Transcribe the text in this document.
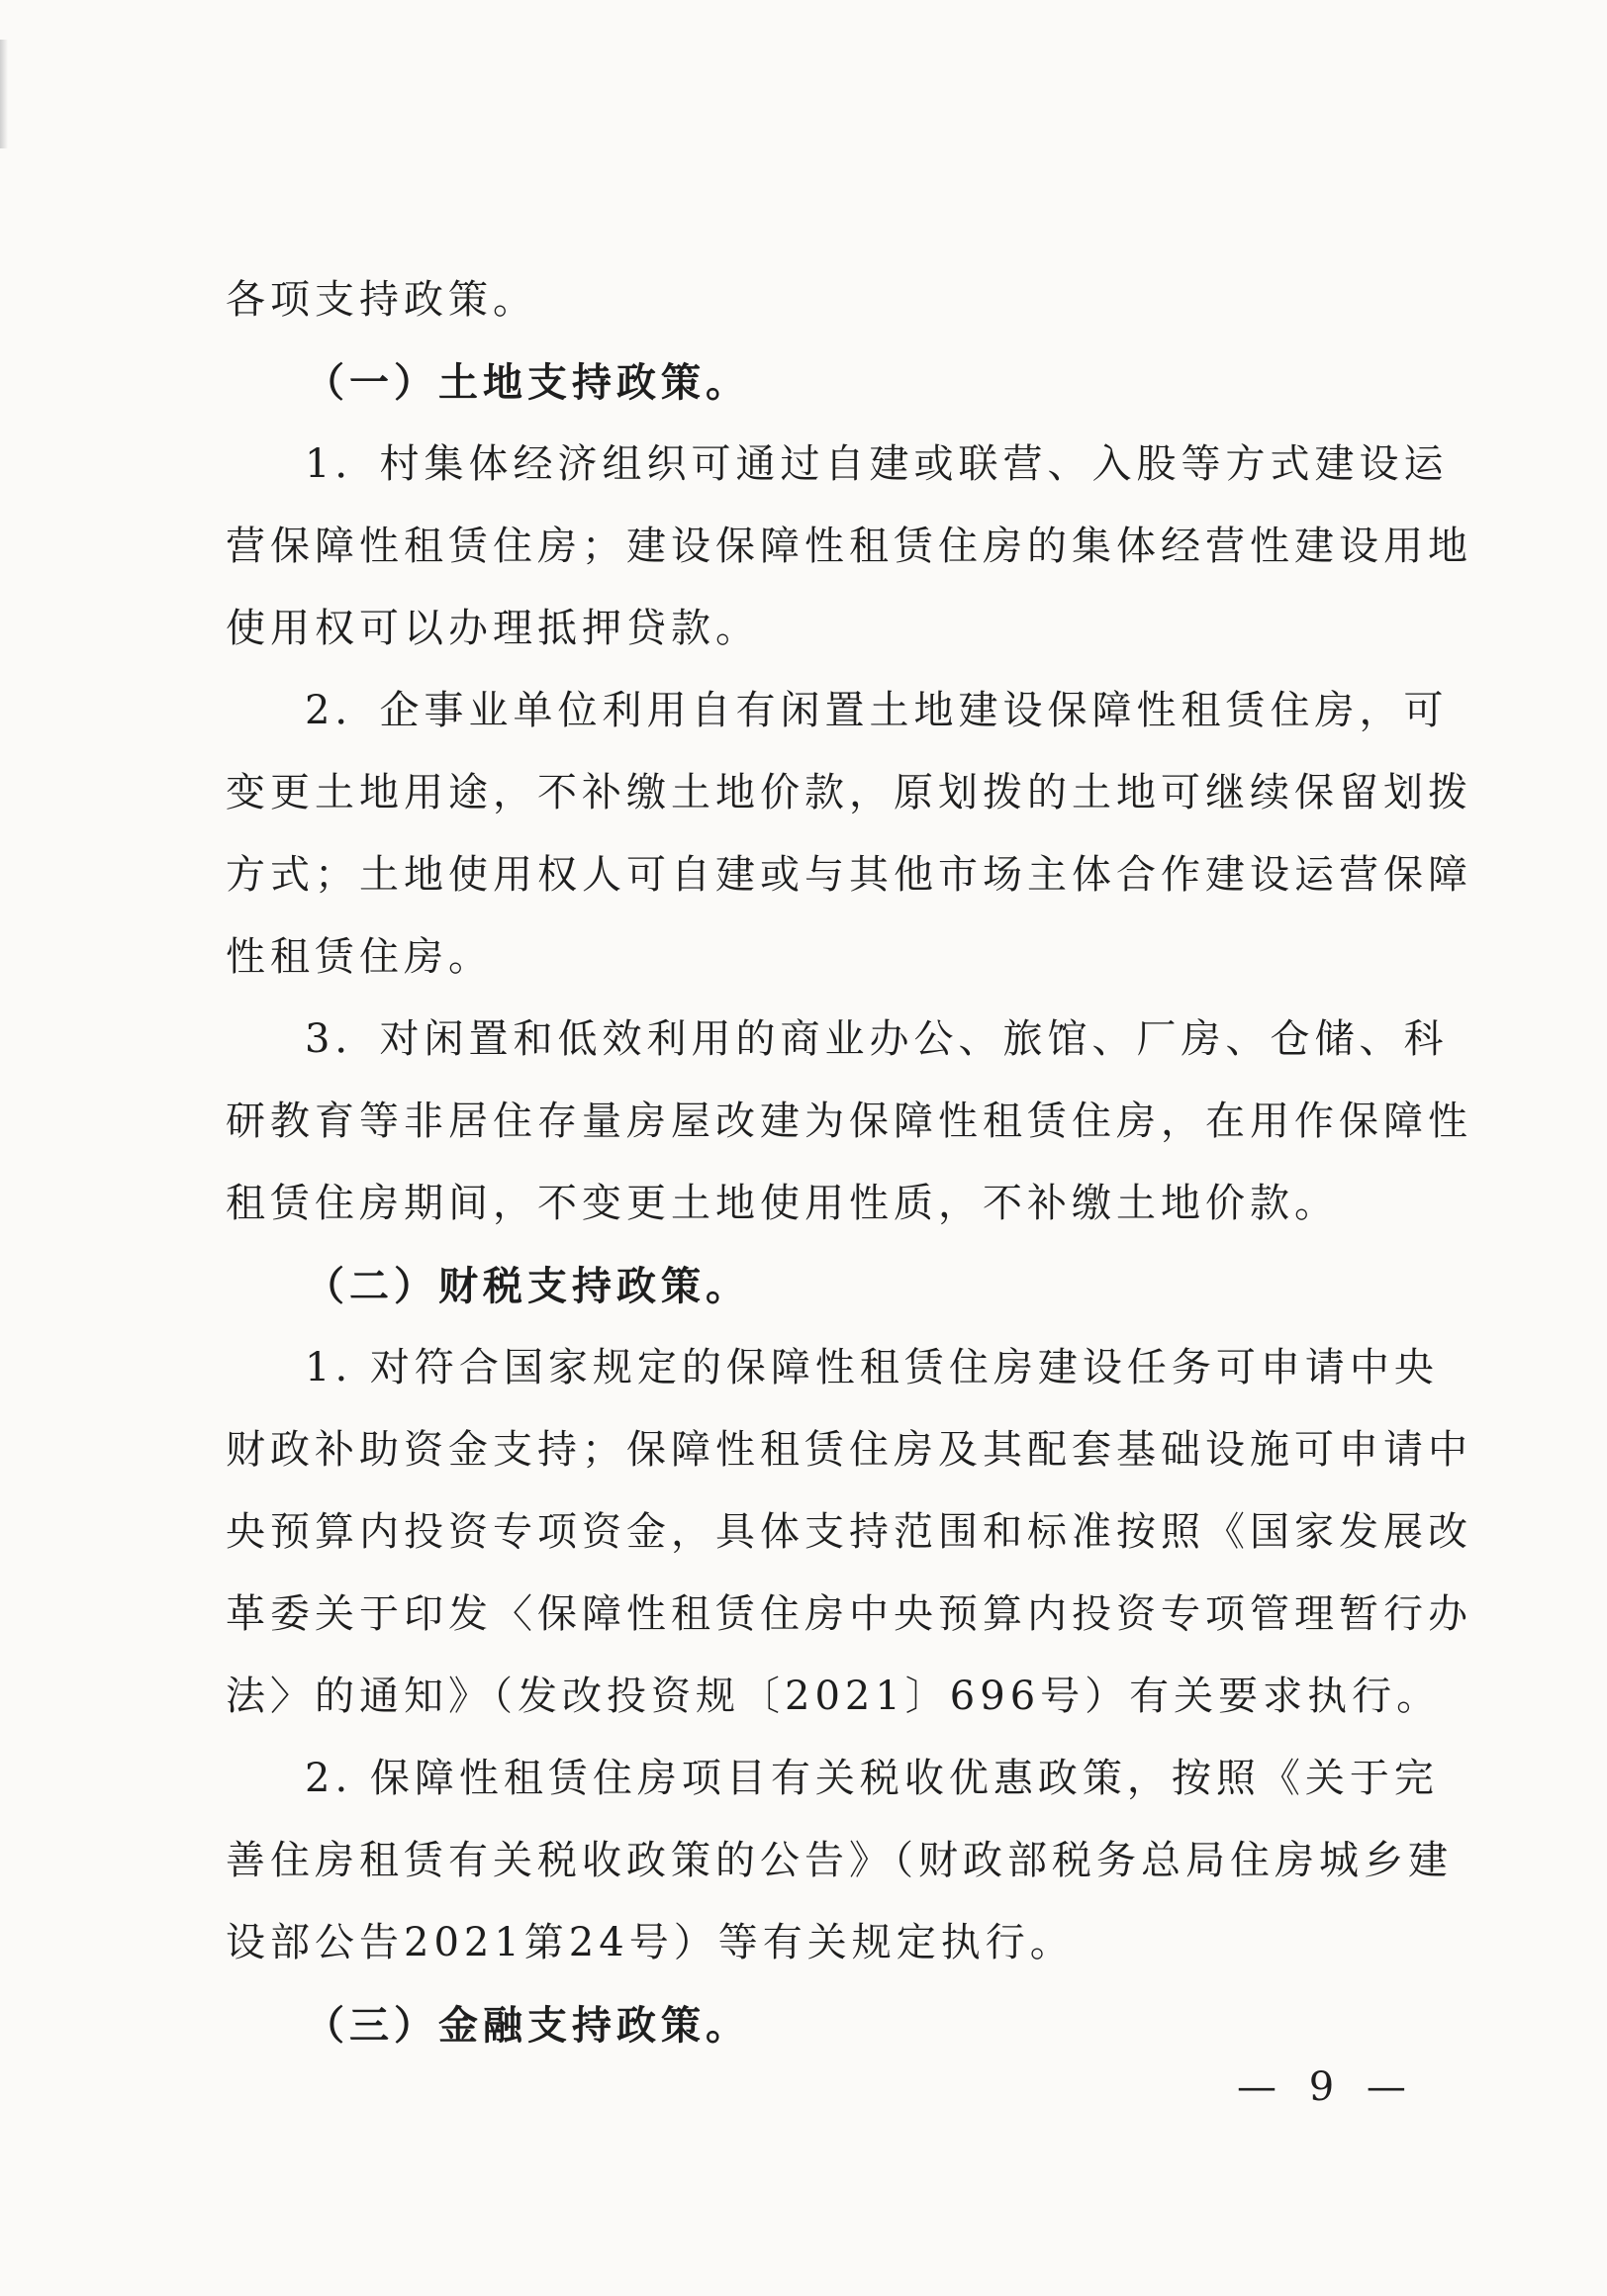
各项支持政策。
（一）土地支持政策。
1．村集体经济组织可通过自建或联营、入股等方式建设运
营保障性租赁住房；建设保障性租赁住房的集体经营性建设用地
使用权可以办理抵押贷款。
2．企事业单位利用自有闲置土地建设保障性租赁住房，可
变更土地用途，不补缴土地价款，原划拨的土地可继续保留划拨
方式；土地使用权人可自建或与其他市场主体合作建设运营保障
性租赁住房。
3．对闲置和低效利用的商业办公、旅馆、厂房、仓储、科
研教育等非居住存量房屋改建为保障性租赁住房，在用作保障性
租赁住房期间，不变更土地使用性质，不补缴土地价款。
（二）财税支持政策。
1. 对符合国家规定的保障性租赁住房建设任务可申请中央
财政补助资金支持；保障性租赁住房及其配套基础设施可申请中
央预算内投资专项资金，具体支持范围和标准按照《国家发展改
革委关于印发〈保障性租赁住房中央预算内投资专项管理暂行办
法〉的通知》（发改投资规〔2021〕696号）有关要求执行。
2. 保障性租赁住房项目有关税收优惠政策，按照《关于完
善住房租赁有关税收政策的公告》（财政部税务总局住房城乡建
设部公告2021第24号）等有关规定执行。
（三）金融支持政策。
— 9 —
